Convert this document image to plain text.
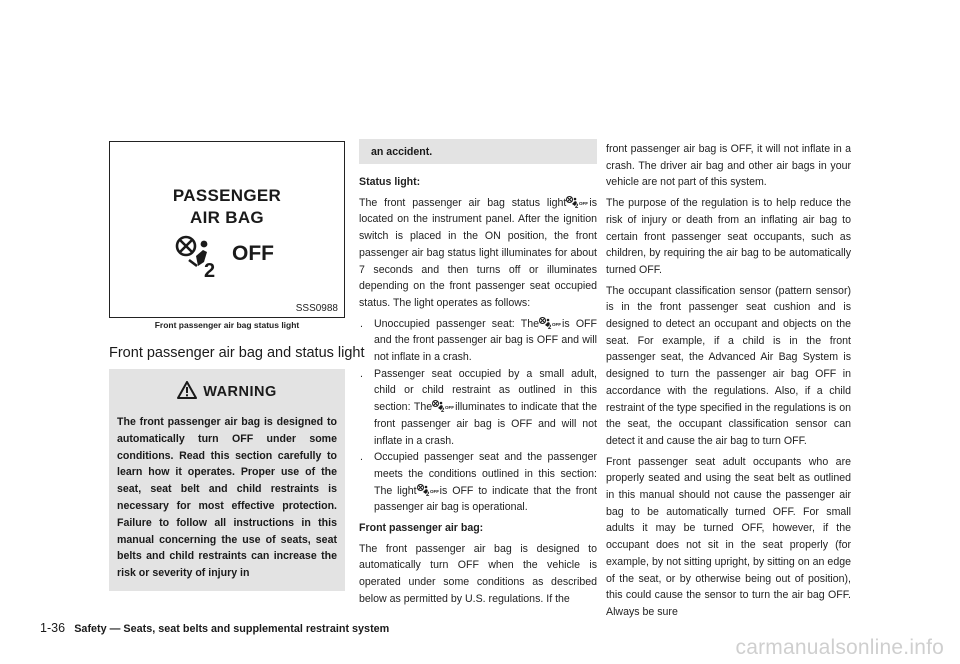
PASSENGER
AIR BAG
2
OFF
SSS0988
Front passenger air bag status light
Front passenger air bag and status light
WARNING

The front passenger air bag is designed to automatically turn OFF under some conditions. Read this section carefully to learn how it operates. Proper use of the seat, seat belt and child restraints is necessary for most effective protection. Failure to follow all instructions in this manual concerning the use of seats, seat belts and child restraints can increase the risk or severity of injury in

an accident.

Status light:

The front passenger air bag status light 2
OFF is located on the instrument panel. After the ignition switch is placed in the ON position, the front passenger air bag status light illuminates for about 7 seconds and then turns off or illuminates depending on the front passenger seat occupied status. The light operates as follows:

. Unoccupied passenger seat: The 2
OFF is OFF and the front passenger air bag is OFF and will not inflate in a crash.

. Passenger seat occupied by a small adult, child or child restraint as outlined in this section: The 2
OFF illuminates to indicate that the front passenger air bag is OFF and will not inflate in a crash.

. Occupied passenger seat and the passenger meets the conditions outlined in this section: The light 2
OFF is OFF to indicate that the front passenger air bag is operational.

Front passenger air bag:

The front passenger air bag is designed to automatically turn OFF when the vehicle is operated under some conditions as described below as permitted by U.S. regulations. If the

front passenger air bag is OFF, it will not inflate in a crash. The driver air bag and other air bags in your vehicle are not part of this system.

The purpose of the regulation is to help reduce the risk of injury or death from an inflating air bag to certain front passenger seat occupants, such as children, by requiring the air bag to be automatically turned OFF.

The occupant classification sensor (pattern sensor) is in the front passenger seat cushion and is designed to detect an occupant and objects on the seat. For example, if a child is in the front passenger seat, the Advanced Air Bag System is designed to turn the passenger air bag OFF in accordance with the regulations. Also, if a child restraint of the type specified in the regulations is on the seat, the occupant classification sensor can detect it and cause the air bag to turn OFF.

Front passenger seat adult occupants who are properly seated and using the seat belt as outlined in this manual should not cause the passenger air bag to be automatically turned OFF. For small adults it may be turned OFF, however, if the occupant does not sit in the seat properly (for example, by not sitting upright, by sitting on an edge of the seat, or by otherwise being out of position), this could cause the sensor to turn the air bag OFF. Always be sure

1-36 Safety — Seats, seat belts and supplemental restraint system
carmanualsonline.info
